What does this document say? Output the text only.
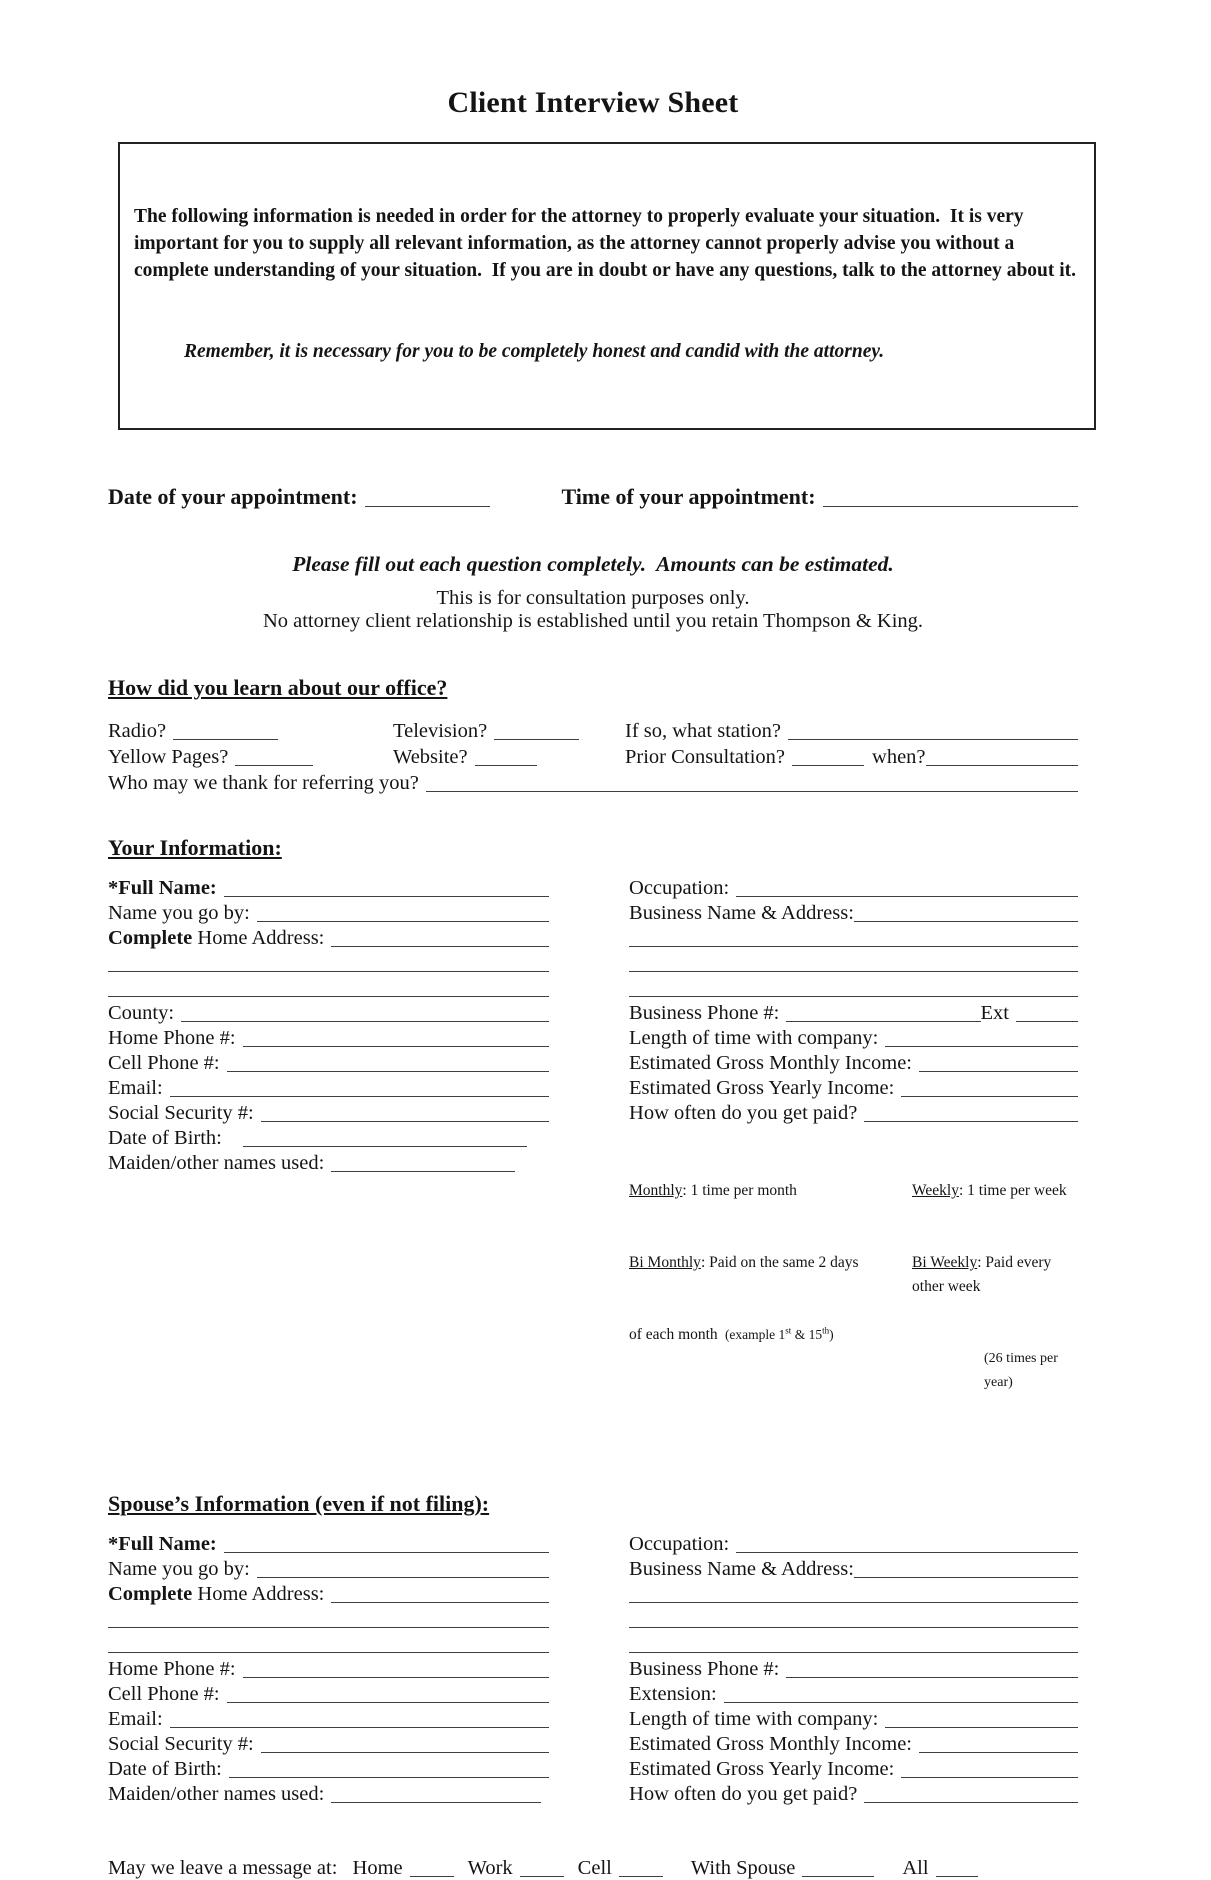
Client Interview Sheet

The following information is needed in order for the attorney to properly evaluate your situation.  It is very important for you to supply all relevant information, as the attorney cannot properly advise you without a complete understanding of your situation.  If you are in doubt or have any questions, talk to the attorney about it.

Remember, it is necessary for you to be completely honest and candid with the attorney.

Date of your appointment:	Time of your appointment:

Please fill out each question completely.  Amounts can be estimated.

This is for consultation purposes only.

No attorney client relationship is established until you retain Thompson & King.

How did you learn about our office?
Radio?	Television?	If so, what station?
Yellow Pages?	Website?	Prior Consultation?	when?
Who may we thank for referring you?
Your Information:
*Full Name:
Name you go by:
Complete Home Address:
County:
Home Phone #:
Cell Phone #:
Email:
Social Security #:
Date of Birth:
Maiden/other names used:
Occupation:
Business Name & Address:
Business Phone #:	Ext
Length of time with company:
Estimated Gross Monthly Income:
Estimated Gross Yearly Income:
How often do you get paid?

Monthly: 1 time per month

Bi Monthly: Paid on the same 2 days

of each month  (example 1st & 15th)

Weekly: 1 time per week

Bi Weekly: Paid every other week

(26 times per year)

Spouse’s Information (even if not filing):
*Full Name:
Name you go by:
Complete Home Address:
Home Phone #:
Cell Phone #:
Email:
Social Security #:
Date of Birth:
Maiden/other names used:
Occupation:
Business Name & Address:
Business Phone #:
Extension:
Length of time with company:
Estimated Gross Monthly Income:
Estimated Gross Yearly Income:
How often do you get paid?
May we leave a message at: Home	Work	Cell	With Spouse	All
